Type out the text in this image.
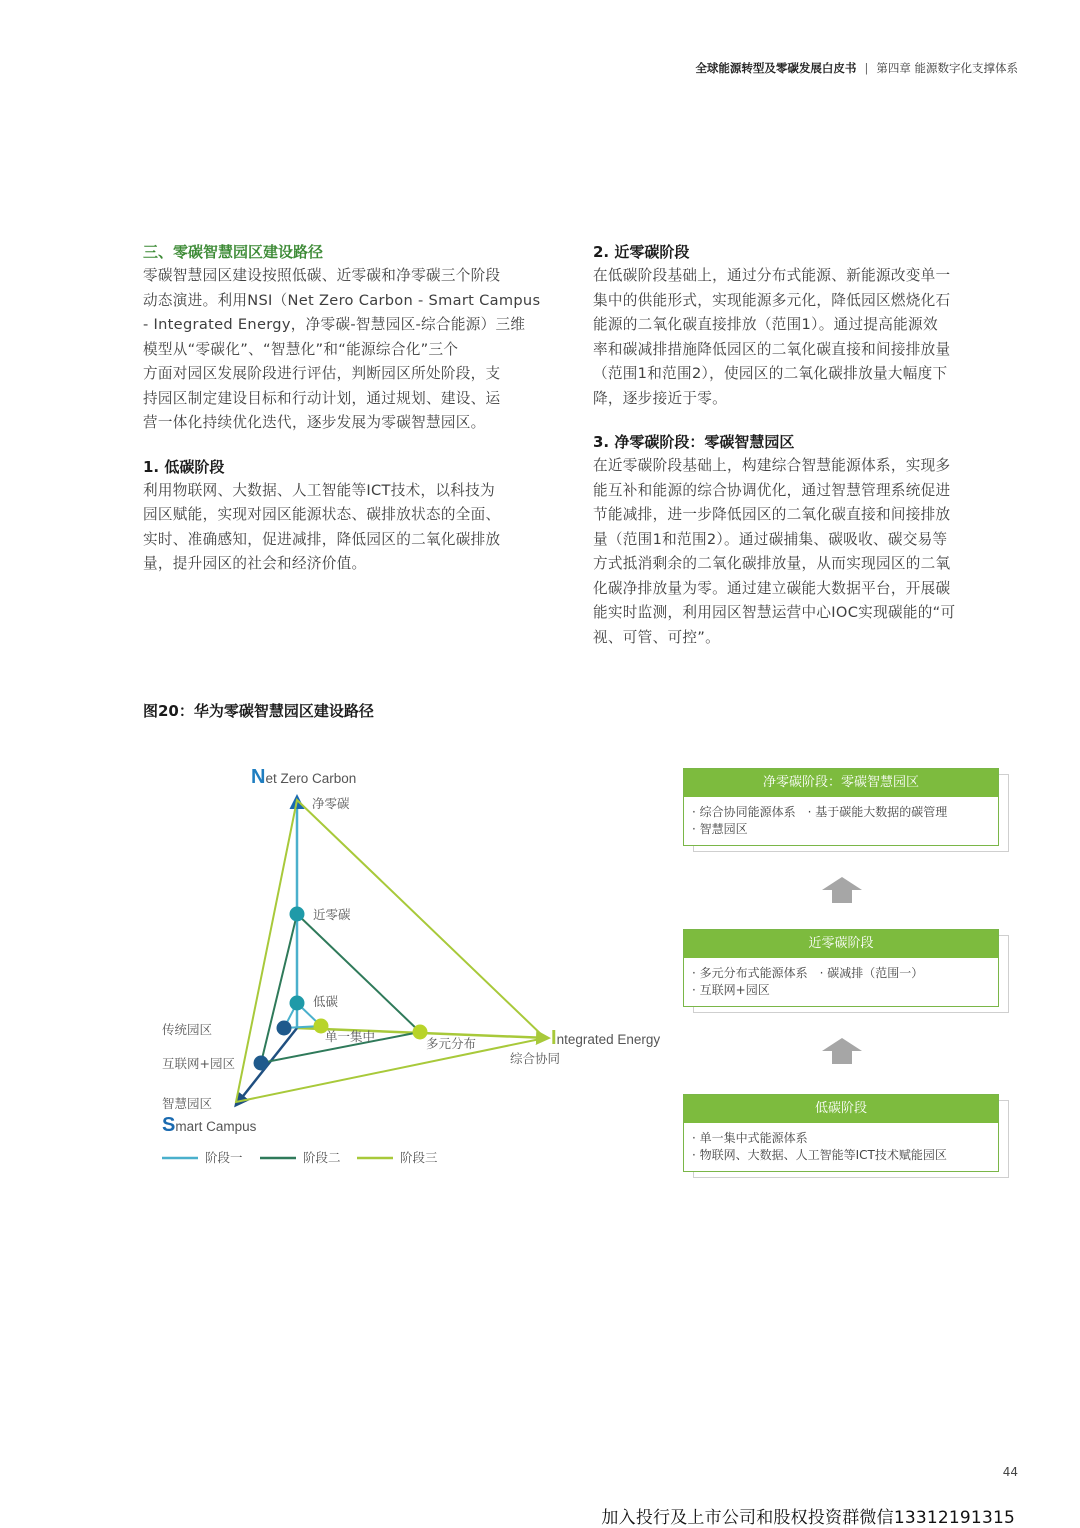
全球能源转型及零碳发展白皮书 | 第四章 能源数字化支撑体系

三、零碳智慧园区建设路径

零碳智慧园区建设按照低碳、近零碳和净零碳三个阶段
动态演进。利用NSI（Net Zero Carbon - Smart Campus
- Integrated Energy，净零碳-智慧园区-综合能源）三维
模型从“零碳化”、“智慧化”和“能源综合化”三个
方面对园区发展阶段进行评估，判断园区所处阶段，支
持园区制定建设目标和行动计划，通过规划、建设、运
营一体化持续优化迭代，逐步发展为零碳智慧园区。

1. 低碳阶段

利用物联网、大数据、人工智能等ICT技术，以科技为
园区赋能，实现对园区能源状态、碳排放状态的全面、
实时、准确感知，促进减排，降低园区的二氧化碳排放
量，提升园区的社会和经济价值。

2. 近零碳阶段

在低碳阶段基础上，通过分布式能源、新能源改变单一
集中的供能形式，实现能源多元化，降低园区燃烧化石
能源的二氧化碳直接排放（范围1）。通过提高能源效
率和碳减排措施降低园区的二氧化碳直接和间接排放量
（范围1和范围2），使园区的二氧化碳排放量大幅度下
降，逐步接近于零。

3. 净零碳阶段：零碳智慧园区

在近零碳阶段基础上，构建综合智慧能源体系，实现多
能互补和能源的综合协调优化，通过智慧管理系统促进
节能减排，进一步降低园区的二氧化碳直接和间接排放
量（范围1和范围2）。通过碳捕集、碳吸收、碳交易等
方式抵消剩余的二氧化碳排放量，从而实现园区的二氧
化碳净排放量为零。通过建立碳能大数据平台，开展碳
能实时监测，利用园区智慧运营中心IOC实现碳能的“可
视、可管、可控”。

图20：华为零碳智慧园区建设路径
Net Zero Carbon
Integrated Energy
Smart Campus
净零碳
近零碳
低碳
传统园区
互联网+园区
智慧园区
单一集中	多元分布
综合协同
阶段一	阶段二	阶段三
净零碳阶段：零碳智慧园区
· 综合协同能源体系 · 基于碳能大数据的碳管理
· 智慧园区
近零碳阶段
· 多元分布式能源体系 · 碳减排（范围一）
· 互联网+园区
低碳阶段
· 单一集中式能源体系
· 物联网、大数据、人工智能等ICT技术赋能园区
44
加入投行及上市公司和股权投资群微信13312191315
